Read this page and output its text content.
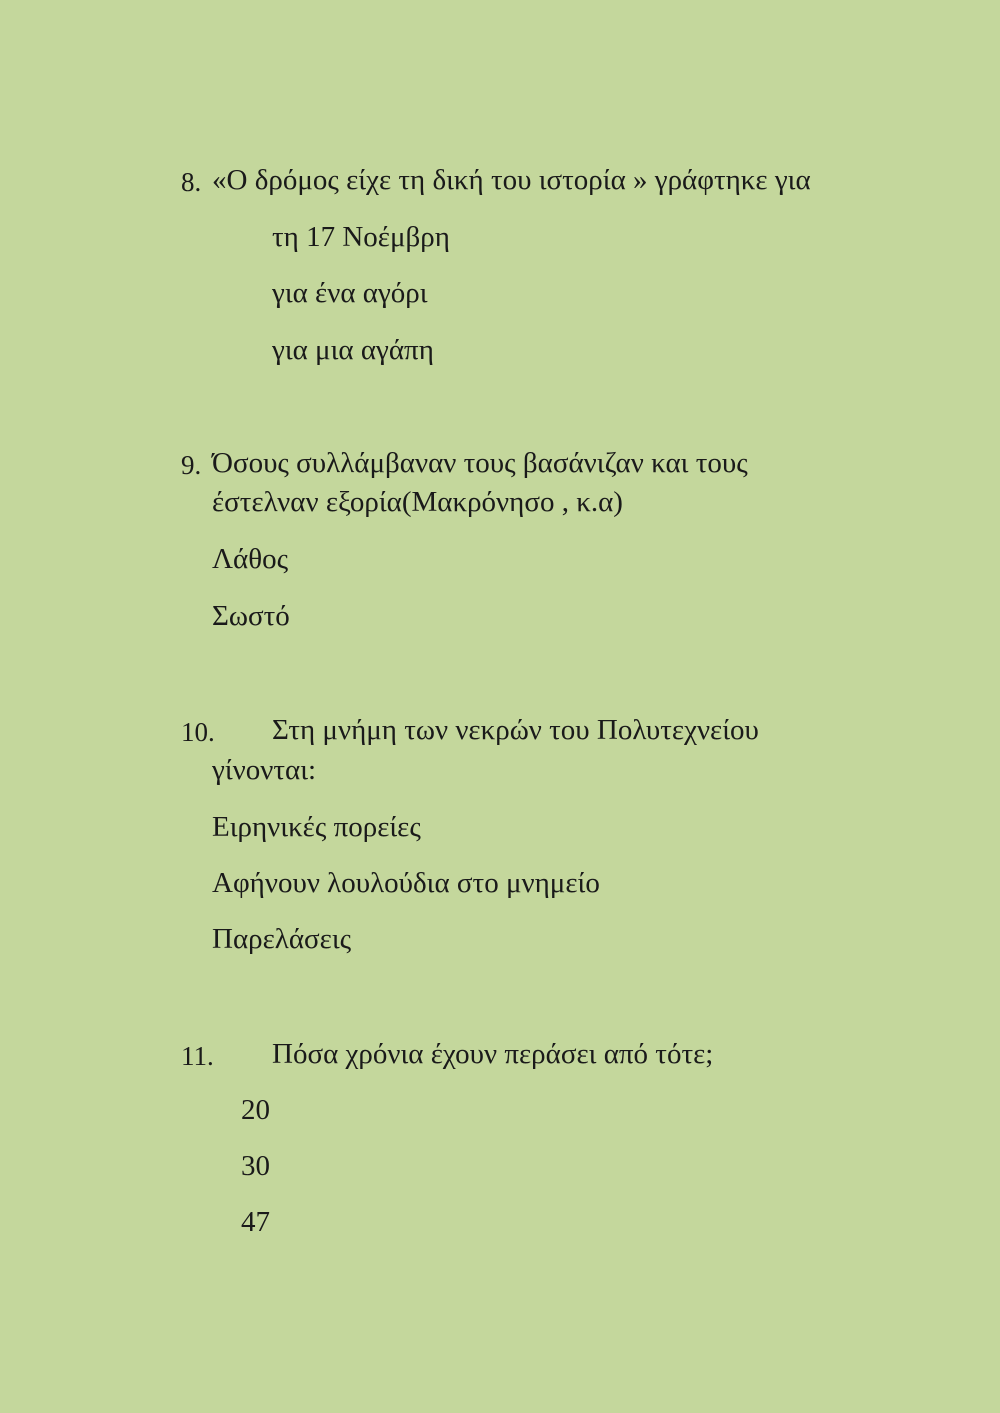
8. «Ο δρόμος είχε τη δική του ιστορία » γράφτηκε για
τη 17 Νοέμβρη
για ένα αγόρι
για μια αγάπη
9. Όσους συλλάμβαναν τους βασάνιζαν και τους
έστελναν εξορία(Μακρόνησο , κ.α)
Λάθος
Σωστό
10. Στη μνήμη των νεκρών του Πολυτεχνείου
γίνονται:
Ειρηνικές πορείες
Αφήνουν λουλούδια στο μνημείο
Παρελάσεις
11. Πόσα χρόνια έχουν περάσει από τότε;
20
30
47
